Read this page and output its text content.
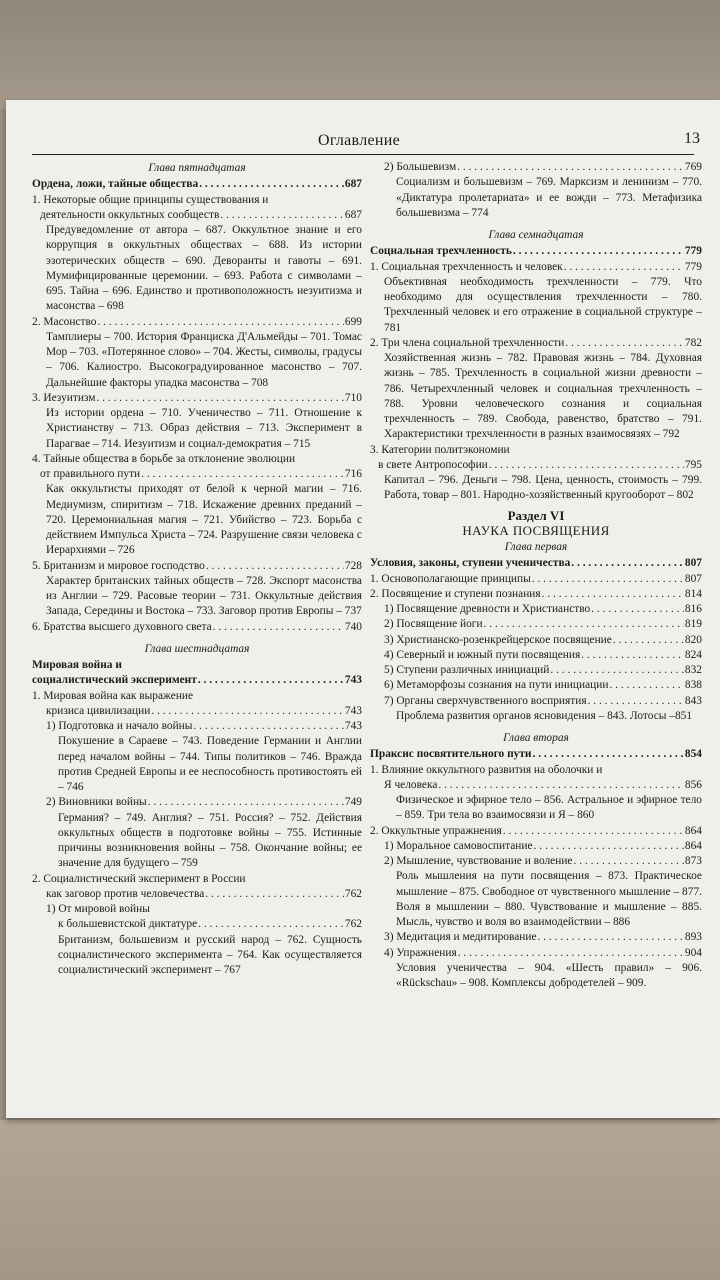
Оглавление	13
Глава пятнадцатая
Ордена, ложи, тайные общества . . .	687
1. Некоторые общие принципы существования и
деятельности оккультных сообществ . . .	687
Предуведомление от автора – 687. Оккультное знание и его коррупция в оккультных обществах – 688. Из истории эзотерических обществ – 690. Деворанты и гавоты – 691. Мумифицированные церемонии. – 693. Работа с символами – 695. Тайна – 696. Единство и противоположность иезуитизма и масонства – 698
2. Масонство . . .	699
Тамплиеры – 700. История Франциска Д'Альмейды – 701. Томас Мор – 703. «Потерянное слово» – 704. Жесты, символы, градусы – 706. Калиостро. Высокоградуированное масонство – 707. Дальнейшие факторы упадка масонства – 708
3. Иезуитизм . . .	710
Из истории ордена – 710. Ученичество – 711. Отношение к Христианству – 713. Образ действия – 713. Эксперимент в Парагвае – 714. Иезуитизм и социал-демократия – 715
4. Тайные общества в борьбе за отклонение эволюции
от правильного пути . . .	716
Как оккультисты приходят от белой к черной магии – 716. Медиумизм, спиритизм – 718. Искажение древних преданий – 720. Церемониальная магия – 721. Убийство – 723. Борьба с действием Импульса Христа – 724. Разрушение связи человека с Иерархиями – 726
5. Британизм и мировое господство . . .	728
Характер британских тайных обществ – 728. Экспорт масонства из Англии – 729. Расовые теории – 731. Оккультные действия Запада, Середины и Востока – 733. Заговор против Европы – 737
6. Братства высшего духовного света . . .	740
Глава шестнадцатая
Мировая война и
социалистический эксперимент . . .	743
1. Мировая война как выражение
кризиса цивилизации . . .	743
1) Подготовка и начало войны . . .	743
Покушение в Сараеве – 743. Поведение Германии и Англии перед началом войны – 744. Типы политиков – 746. Вражда против Средней Европы и ее неспособность противостоять ей – 746
2) Виновники войны . . .	749
Германия? – 749. Англия? – 751. Россия? – 752. Действия оккультных обществ в подготовке войны – 755. Истинные причины возникновения войны – 758. Окончание войны; ее значение для будущего – 759
2. Социалистический эксперимент в России
как заговор против человечества . . .	762
1) От мировой войны
к большевистской диктатуре . . .	762
Британизм, большевизм и русский народ – 762. Сущность социалистического эксперимента – 764. Как осуществляется социалистический эксперимент – 767
2) Большевизм . . .	769
Социализм и большевизм – 769. Марксизм и ленинизм – 770. «Диктатура пролетариата» и ее вожди – 773. Метафизика большевизма – 774
Глава семнадцатая
Социальная трехчленность . . .	779
1. Социальная трехчленность и человек . . .	779
Объективная необходимость трехчленности – 779. Что необходимо для осуществления трехчленности – 780. Трехчленный человек и его отражение в социальной структуре – 781
2. Три члена социальной трехчленности . . .	782
Хозяйственная жизнь – 782. Правовая жизнь – 784. Духовная жизнь – 785. Трехчленность в социальной жизни древности – 786. Четырехчленный человек и социальная трехчленность – 788. Уровни человеческого сознания и социальная трехчленность – 789. Свобода, равенство, братство – 791. Характеристики трехчленности в разных взаимосвязях – 792
3. Категории политэкономии
в свете Антропософии . . .	795
Капитал – 796. Деньги – 798. Цена, ценность, стоимость – 799. Работа, товар – 801. Народно-хозяйственный кругооборот – 802
Раздел VI
НАУКА ПОСВЯЩЕНИЯ
Глава первая
Условия, законы, ступени ученичества . . .	807
1. Основополагающие принципы . . .	807
2. Посвящение и ступени познания . . .	814
1) Посвящение древности и Христианство . . .	816
2) Посвящение йоги . . .	819
3) Христианско-розенкрейцерское посвящение . . .	820
4) Северный и южный пути посвящения . . .	824
5) Ступени различных инициаций . . .	832
6) Метаморфозы сознания на пути инициации . . .	838
7) Органы сверхчувственного восприятия . . .	843
Проблема развития органов ясновидения – 843. Лотосы –851
Глава вторая
Праксис посвятительного пути . . .	854
1. Влияние оккультного развития на оболочки и
Я человека . . .	856
Физическое и эфирное тело – 856. Астральное и эфирное тело – 859. Три тела во взаимосвязи и Я – 860
2. Оккультные упражнения . . .	864
1) Моральное самовоспитание . . .	864
2) Мышление, чувствование и воление . . .	873
Роль мышления на пути посвящения – 873. Практическое мышление – 875. Свободное от чувственного мышление – 877. Воля в мышлении – 880. Чувствование и мышление – 885. Мысль, чувство и воля во взаимодействии – 886
3) Медитация и медитирование . . .	893
4) Упражнения . . .	904
Условия ученичества – 904. «Шесть правил» – 906. «Rückschau» – 908. Комплексы добродетелей – 909.
